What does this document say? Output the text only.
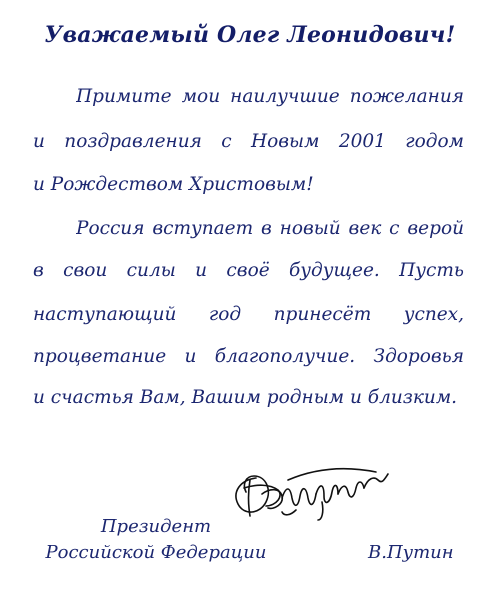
Уважаемый Олег Леонидович!
Примите мои наилучшие пожелания
и поздравления с Новым 2001 годом
и Рождеством Христовым!
Россия вступает в новый век с верой
в свои силы и своё будущее. Пусть
наступающий год принесёт успех,
процветание и благополучие. Здоровья
и счастья Вам, Вашим родным и близким.
Президент
Российской Федерации	В.Путин
